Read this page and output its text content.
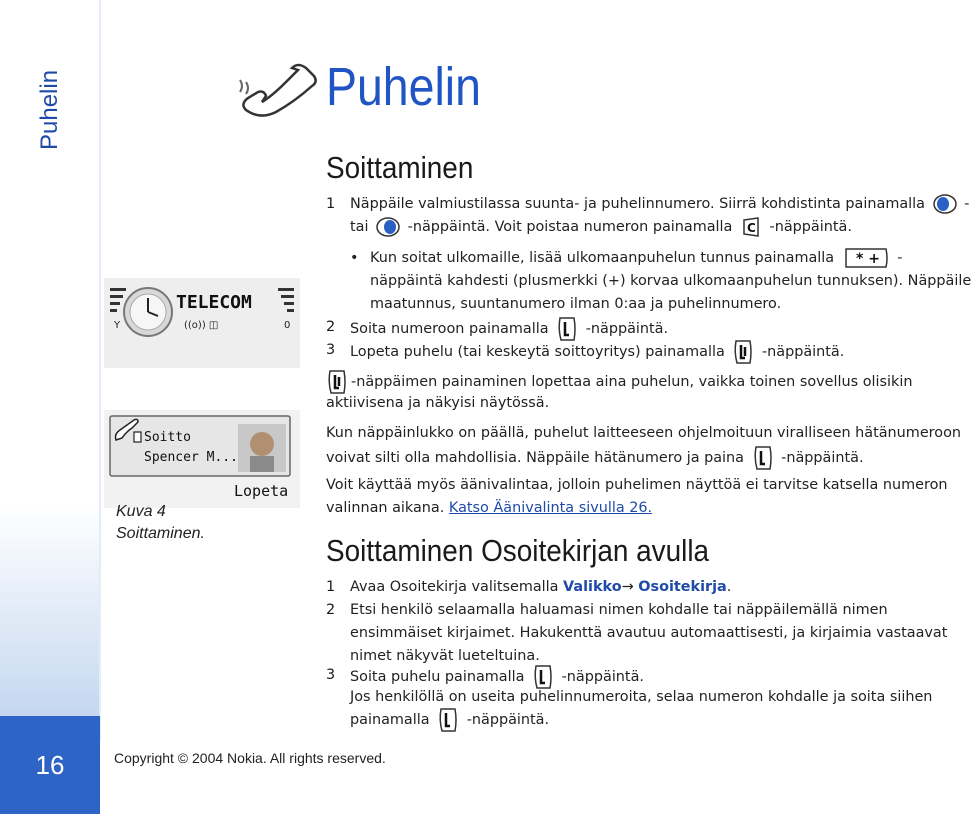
Puhelin
16
Puhelin
Soittaminen
1 Näppäile valmiustilassa suunta- ja puhelinnumero. Siirrä kohdistinta painamalla	-
tai	-näppäintä. Voit poistaa numeron painamalla C -näppäintä.
• Kun soitat ulkomaille, lisää ulkomaanpuhelun tunnus painamalla * + -
näppäintä kahdesti (plusmerkki (+) korvaa ulkomaanpuhelun tunnuksen). Näppäile
maatunnus, suuntanumero ilman 0:aa ja puhelinnumero.
2 Soita numeroon painamalla	-näppäintä.
3 Lopeta puhelu (tai keskeytä soittoyritys) painamalla	-näppäintä.
-näppäimen painaminen lopettaa aina puhelun, vaikka toinen sovellus olisikin
aktiivisena ja näkyisi näytössä.
Kun näppäinlukko on päällä, puhelut laitteeseen ohjelmoituun viralliseen hätänumeroon
voivat silti olla mahdollisia. Näppäile hätänumero ja paina	-näppäintä.
Voit käyttää myös äänivalintaa, jolloin puhelimen näyttöä ei tarvitse katsella numeron
valinnan aikana. Katso Äänivalinta sivulla 26.
Soittaminen Osoitekirjan avulla
1 Avaa Osoitekirja valitsemalla Valikko→ Osoitekirja.
2 Etsi henkilö selaamalla haluamasi nimen kohdalle tai näppäilemällä nimen
ensimmäiset kirjaimet. Hakukenttä avautuu automaattisesti, ja kirjaimia vastaavat
nimet näkyvät lueteltuina.
3 Soita puhelu painamalla	-näppäintä.
Jos henkilöllä on useita puhelinnumeroita, selaa numeron kohdalle ja soita siihen
painamalla	-näppäintä.
TELECOM
Y	((ο)) ◫	0
Soitto
Spencer M...
Lopeta
Kuva 4
Soittaminen.
Copyright © 2004 Nokia. All rights reserved.
